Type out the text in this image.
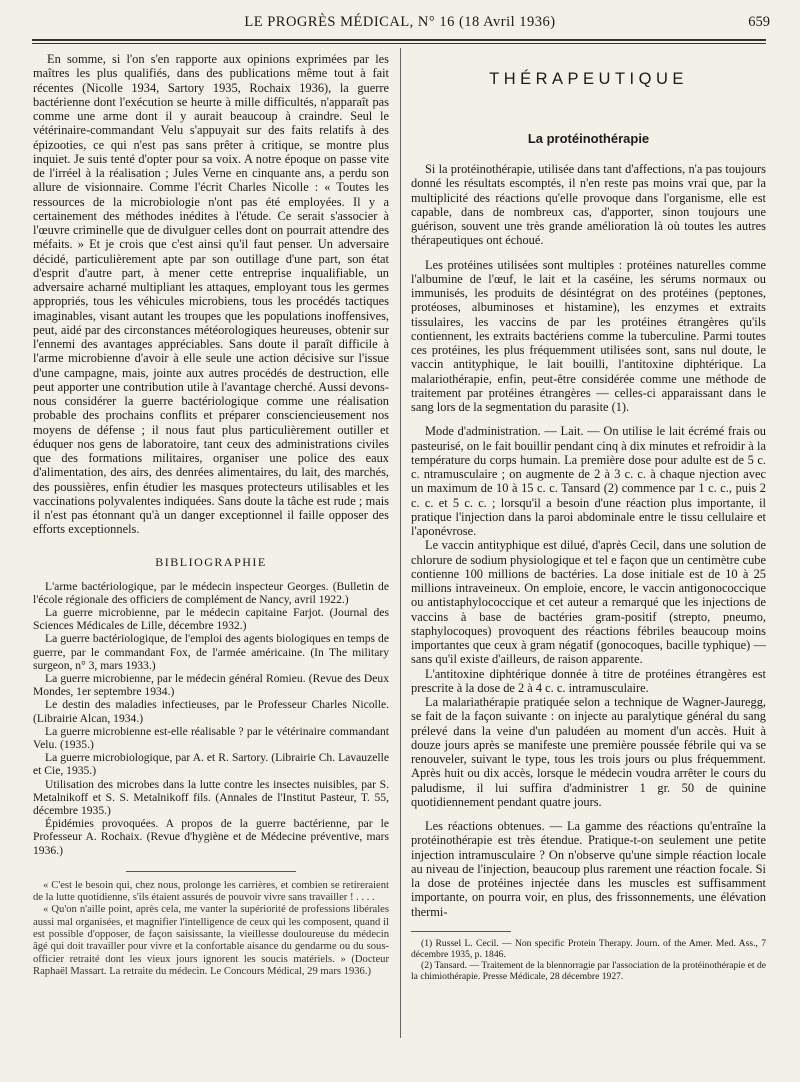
LE PROGRÈS MÉDICAL, N° 16 (18 Avril 1936)	659

En somme, si l'on s'en rapporte aux opinions exprimées par les maîtres les plus qualifiés, dans des publications même tout à fait récentes (Nicolle 1934, Sartory 1935, Rochaix 1936), la guerre bactérienne dont l'exécution se heurte à mille difficultés, n'apparaît pas comme une arme dont il y aurait beaucoup à craindre. Seul le vétérinaire-commandant Velu s'appuyait sur des faits relatifs à des épizooties, ce qui n'est pas sans prêter à critique, se montre plus inquiet. Je suis tenté d'opter pour sa voix. A notre époque on passe vite de l'irréel à la réalisation ; Jules Verne en cinquante ans, a perdu son allure de visionnaire. Comme l'écrit Charles Nicolle : « Toutes les ressources de la microbiologie n'ont pas été employées. Il y a certainement des méthodes inédites à l'étude. Ce serait s'associer à l'œuvre criminelle que de divulguer celles dont on pourrait attendre des méfaits. » Et je crois que c'est ainsi qu'il faut penser. Un adversaire décidé, particulièrement apte par son outillage d'une part, son état d'esprit d'autre part, à mener cette entreprise inqualifiable, un adversaire acharné multipliant les attaques, employant tous les germes appropriés, tous les véhicules microbiens, tous les procédés tactiques imaginables, visant autant les troupes que les populations inoffensives, peut, aidé par des circonstances météorologiques heureuses, obtenir sur l'ennemi des avantages appréciables. Sans doute il paraît difficile à l'arme microbienne d'avoir à elle seule une action décisive sur l'issue d'une campagne, mais, jointe aux autres procédés de destruction, elle peut apporter une contribution utile à l'avantage cherché. Aussi devons-nous considérer la guerre bactériologique comme une réalisation probable des prochains conflits et préparer consciencieusement nos moyens de défense ; il nous faut plus particulièrement outiller et éduquer nos gens de laboratoire, tant ceux des administrations civiles que des formations militaires, organiser une police des eaux d'alimentation, des airs, des denrées alimentaires, du lait, des marchés, des poussières, enfin étudier les masques protecteurs utilisables et les vaccinations polyvalentes indiquées. Sans doute la tâche est rude ; mais il n'est pas étonnant qu'à un danger exceptionnel il faille opposer des efforts exceptionnels.

BIBLIOGRAPHIE

L'arme bactériologique, par le médecin inspecteur Georges. (Bulletin de l'école régionale des officiers de complément de Nancy, avril 1922.)

La guerre microbienne, par le médecin capitaine Farjot. (Journal des Sciences Médicales de Lille, décembre 1932.)

La guerre bactériologique, de l'emploi des agents biologiques en temps de guerre, par le commandant Fox, de l'armée américaine. (In The military surgeon, n° 3, mars 1933.)

La guerre microbienne, par le médecin général Romieu. (Revue des Deux Mondes, 1er septembre 1934.)

Le destin des maladies infectieuses, par le Professeur Charles Nicolle. (Librairie Alcan, 1934.)

La guerre microbienne est-elle réalisable ? par le vétérinaire commandant Velu. (1935.)

La guerre microbiologique, par A. et R. Sartory. (Librairie Ch. Lavauzelle et Cie, 1935.)

Utilisation des microbes dans la lutte contre les insectes nuisibles, par S. Metalnikoff et S. S. Metalnikoff fils. (Annales de l'Institut Pasteur, T. 55, décembre 1935.)

Épidémies provoquées. A propos de la guerre bactérienne, par le Professeur A. Rochaix. (Revue d'hygiène et de Médecine préventive, mars 1936.)

« C'est le besoin qui, chez nous, prolonge les carrières, et combien se retireraient de la lutte quotidienne, s'ils étaient assurés de pouvoir vivre sans travailler ! . . . .

« Qu'on n'aille point, après cela, me vanter la supériorité de professions libérales aussi mal organisées, et magnifier l'intelligence de ceux qui les composent, quand il est possible d'opposer, de façon saisissante, la vieillesse douloureuse du médecin âgé qui doit travailler pour vivre et la confortable aisance du gendarme ou du sous-officier retraité dont les vieux jours ignorent les soucis matériels. » (Docteur Raphaël Massart. La retraite du médecin. Le Concours Médical, 29 mars 1936.)

THÉRAPEUTIQUE
La protéinothérapie

Si la protéinothérapie, utilisée dans tant d'affections, n'a pas toujours donné les résultats escomptés, il n'en reste pas moins vrai que, par la multiplicité des réactions qu'elle provoque dans l'organisme, elle est capable, dans de nombreux cas, d'apporter, sinon toujours une guérison, souvent une très grande amélioration là où toutes les autres thérapeutiques ont échoué.

Les protéines utilisées sont multiples : protéines naturelles comme l'albumine de l'œuf, le lait et la caséine, les sérums normaux ou immunisés, les produits de désintégrat on des protéines (peptones, protéoses, albuminoses et histamine), les enzymes et extraits tissulaires, les vaccins de par les protéines étrangères qu'ils contiennent, les extraits bactériens comme la tuberculine. Parmi toutes ces protéines, les plus fréquemment utilisées sont, sans nul doute, le vaccin antityphique, le lait bouilli, l'antitoxine diphtérique. La malariothérapie, enfin, peut-être considérée comme une méthode de traitement par protéines étrangères — celles-ci apparaissant dans le sang lors de la segmentation du parasite (1).

Mode d'administration. — Lait. — On utilise le lait écrémé frais ou pasteurisé, on le fait bouillir pendant cinq à dix minutes et refroidir à la température du corps humain. La première dose pour adulte est de 5 c. c. ntramusculaire ; on augmente de 2 à 3 c. c. à chaque njection avec un maximum de 10 à 15 c. c. Tansard (2) commence par 1 c. c., puis 2 c. c. et 5 c. c. ; lorsqu'il a besoin d'une réaction plus importante, il pratique l'injection dans la paroi abdominale entre le tissu cellulaire et l'aponévrose.

Le vaccin antityphique est dilué, d'après Cecil, dans une solution de chlorure de sodium physiologique et tel e façon que un centimètre cube contienne 100 millions de bactéries. La dose initiale est de 10 à 25 millions intraveineux. On emploie, encore, le vaccin antigonococcique ou antistaphylococcique et cet auteur a remarqué que les injections de vaccins à base de bactéries gram-positif (strepto, pneumo, staphylocoques) provoquent des réactions fébriles beaucoup moins importantes que ceux à gram négatif (gonocoques, bacille typhique) — sans qu'il existe d'ailleurs, de raison apparente.

L'antitoxine diphtérique donnée à titre de protéines étrangères est prescrite à la dose de 2 à 4 c. c. intramusculaire.

La malariathérapie pratiquée selon a technique de Wagner-Jauregg, se fait de la façon suivante : on injecte au paralytique général du sang prélevé dans la veine d'un paludéen au moment d'un accès. Huit à douze jours après se manifeste une première poussée fébrile qui va se renouveler, suivant le type, tous les trois jours ou plus fréquemment. Après huit ou dix accès, lorsque le médecin voudra arrêter le cours du paludisme, il lui suffira d'administrer 1 gr. 50 de quinine quotidiennement pendant quatre jours.

Les réactions obtenues. — La gamme des réactions qu'entraîne la protéinothérapie est très étendue. Pratique-t-on seulement une petite injection intramusculaire ? On n'observe qu'une simple réaction locale au niveau de l'injection, beaucoup plus rarement une réaction focale. Si la dose de protéines injectée dans les muscles est suffisamment importante, on pourra voir, en plus, des frissonnements, une élévation thermi-

(1) Russel L. Cecil. — Non specific Protein Therapy. Journ. of the Amer. Med. Ass., 7 décembre 1935, p. 1846.

(2) Tansard. — Traitement de la blennorragie par l'association de la protéinothérapie et de la chimiothérapie. Presse Médicale, 28 décembre 1927.
